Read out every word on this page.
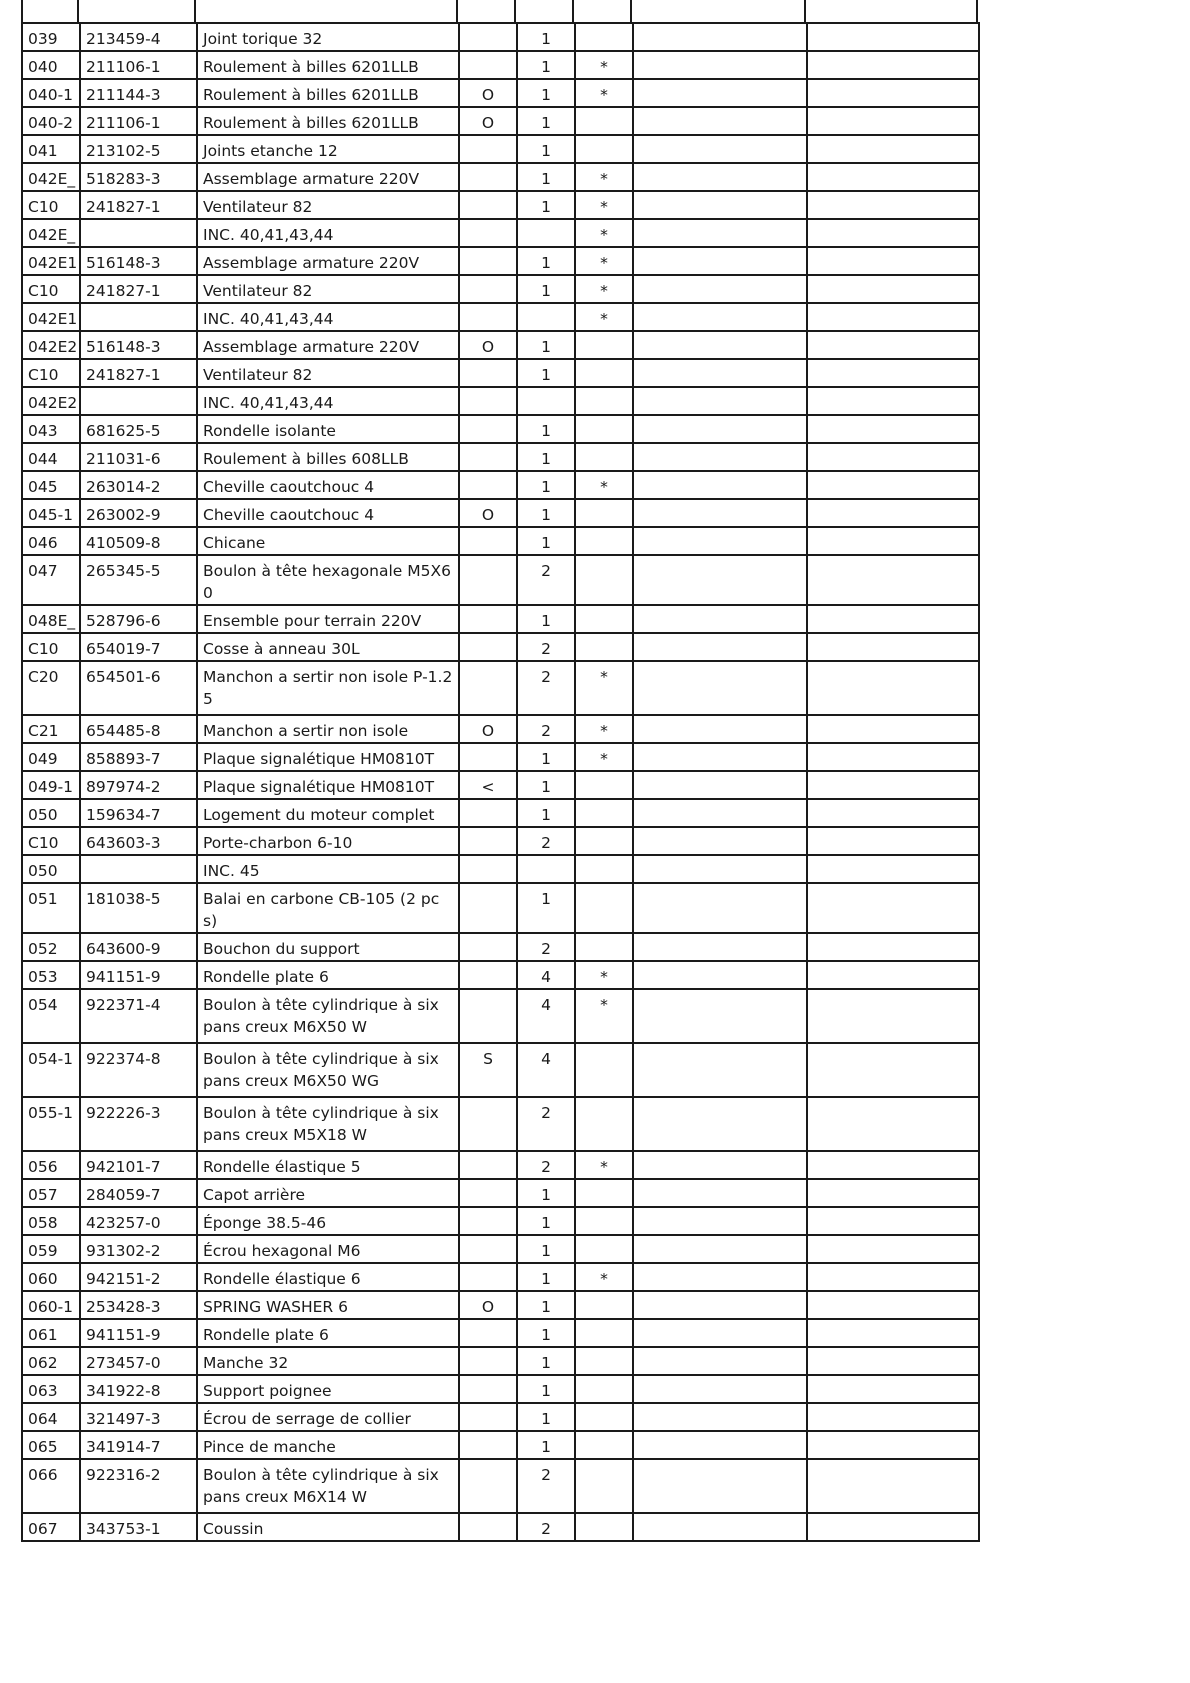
039	213459-4	Joint torique 32		1			
040	211106-1	Roulement à billes 6201LLB		1	*		
040-1	211144-3	Roulement à billes 6201LLB	O	1	*		
040-2	211106-1	Roulement à billes 6201LLB	O	1			
041	213102-5	Joints etanche 12		1			
042E_	518283-3	Assemblage armature 220V		1	*		
C10	241827-1	Ventilateur 82		1	*		
042E_		INC. 40,41,43,44			*		
042E1	516148-3	Assemblage armature 220V		1	*		
C10	241827-1	Ventilateur 82		1	*		
042E1		INC. 40,41,43,44			*		
042E2	516148-3	Assemblage armature 220V	O	1			
C10	241827-1	Ventilateur 82		1			
042E2		INC. 40,41,43,44					
043	681625-5	Rondelle isolante		1			
044	211031-6	Roulement à billes 608LLB		1			
045	263014-2	Cheville caoutchouc 4		1	*		
045-1	263002-9	Cheville caoutchouc 4	O	1			
046	410509-8	Chicane		1			
047	265345-5	Boulon à tête hexagonale M5X60		2			
048E_	528796-6	Ensemble pour terrain 220V		1			
C10	654019-7	Cosse à anneau 30L		2			
C20	654501-6	Manchon a sertir non isole P-1.2 5		2	*		
C21	654485-8	Manchon a sertir non isole	O	2	*		
049	858893-7	Plaque signalétique HM0810T		1	*		
049-1	897974-2	Plaque signalétique HM0810T	<	1			
050	159634-7	Logement du moteur complet		1			
C10	643603-3	Porte-charbon 6-10		2			
050		INC. 45					
051	181038-5	Balai en carbone CB-105 (2 pcs)		1			
052	643600-9	Bouchon du support		2			
053	941151-9	Rondelle plate 6		4	*		
054	922371-4	Boulon à tête cylindrique à six pans creux M6X50 W		4	*		
054-1	922374-8	Boulon à tête cylindrique à six pans creux M6X50 WG	S	4			
055-1	922226-3	Boulon à tête cylindrique à six pans creux M5X18 W		2			
056	942101-7	Rondelle élastique 5		2	*		
057	284059-7	Capot arrière		1			
058	423257-0	Éponge 38.5-46		1			
059	931302-2	Écrou hexagonal M6		1			
060	942151-2	Rondelle élastique 6		1	*		
060-1	253428-3	SPRING WASHER 6	O	1			
061	941151-9	Rondelle plate 6		1			
062	273457-0	Manche 32		1			
063	341922-8	Support poignee		1			
064	321497-3	Écrou de serrage de collier		1			
065	341914-7	Pince de manche		1			
066	922316-2	Boulon à tête cylindrique à six pans creux M6X14 W		2			
067	343753-1	Coussin		2			
